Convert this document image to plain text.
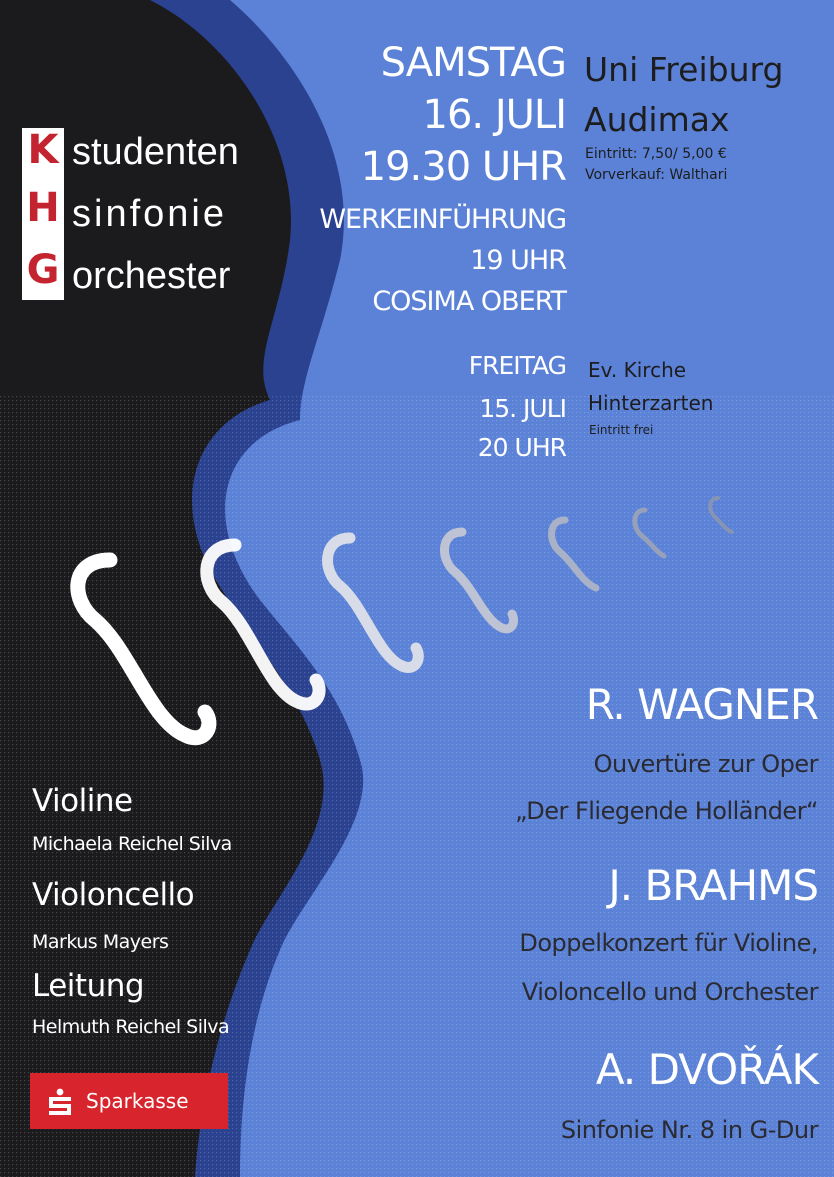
K
H
G
studenten
sinfonie
orchester
SAMSTAG
16. JULI
19.30 UHR
WERKEINFÜHRUNG
19 UHR
COSIMA OBERT
Uni Freiburg
Audimax
Eintritt: 7,50/ 5,00 €
Vorverkauf: Walthari
FREITAG
15. JULI
20 UHR
Ev. Kirche
Hinterzarten
Eintritt frei
R. WAGNER
Ouvertüre zur Oper
„Der Fliegende Holländer“
J. BRAHMS
Doppelkonzert für Violine,
Violoncello und Orchester
A. DVOŘÁK
Sinfonie Nr. 8 in G-Dur
Violine
Michaela Reichel Silva
Violoncello
Markus Mayers
Leitung
Helmuth Reichel Silva
Sparkasse
